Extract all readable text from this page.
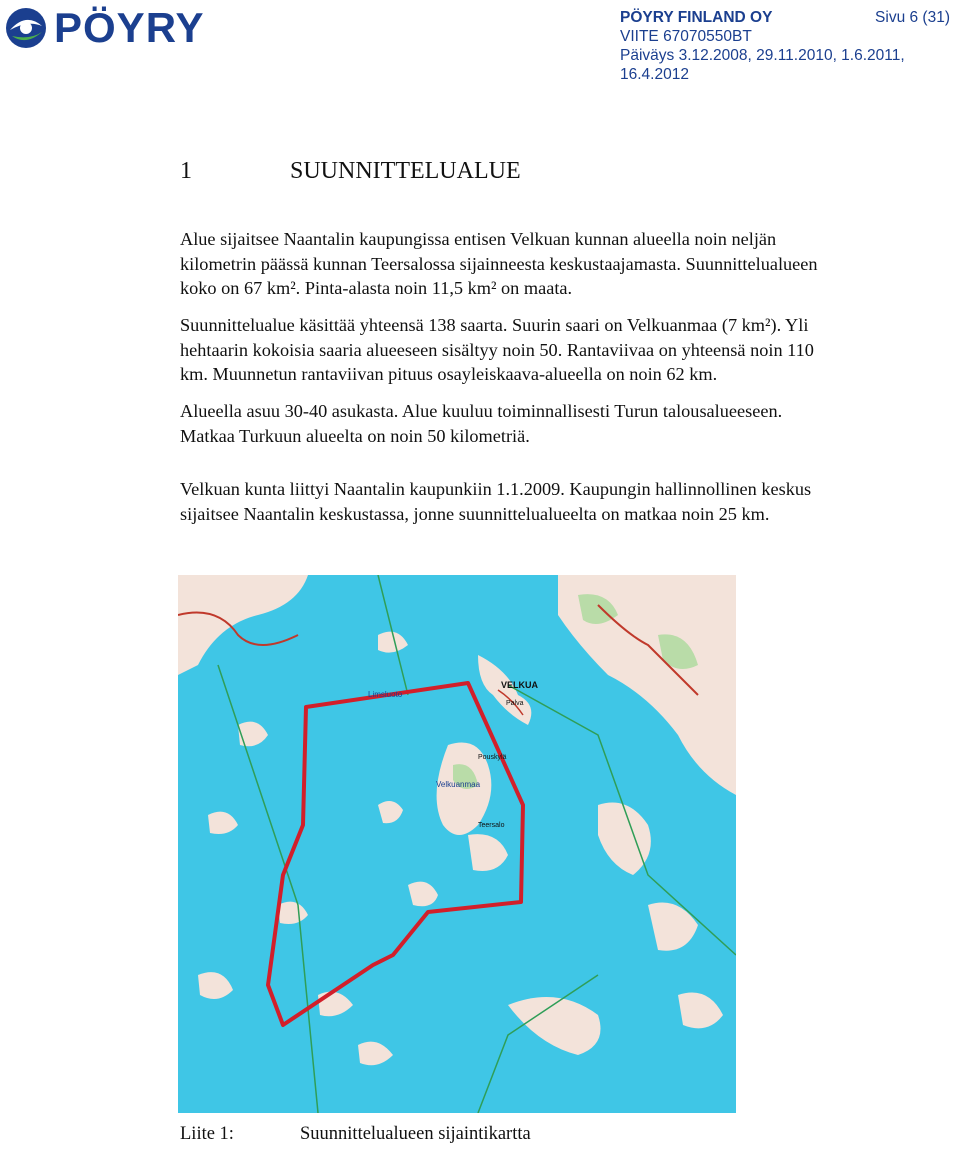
PÖYRY	PÖYRY FINLAND OY	Sivu 6 (31)
VIITE 67070550BT
Päiväys 3.12.2008, 29.11.2010, 1.6.2011,
16.4.2012
1	SUUNNITTELUALUE

Alue sijaitsee Naantalin kaupungissa entisen Velkuan kunnan alueella noin neljän

kilometrin päässä kunnan Teersalossa sijainneesta keskustaajamasta. Suunnittelualueen

koko on 67 km². Pinta-alasta noin 11,5 km² on maata.

Suunnittelualue käsittää yhteensä 138 saarta. Suurin saari on Velkuanmaa (7 km²). Yli

hehtaarin kokoisia saaria alueeseen sisältyy noin 50. Rantaviivaa on yhteensä noin 110

km. Muunnetun rantaviivan pituus osayleiskaava-alueella on noin 62 km.

Alueella asuu 30-40 asukasta. Alue kuuluu toiminnallisesti Turun talousalueeseen.

Matkaa Turkuun alueelta on noin 50 kilometriä.

Velkuan kunta liittyi Naantalin kaupunkiin 1.1.2009. Kaupungin hallinnollinen keskus

sijaitsee Naantalin keskustassa, jonne suunnittelualueelta on matkaa noin 25 km.

VELKUA
Palva
Velkuanmaa
Limsluoto
Pouskylä
Teersalo
Liite 1:	Suunnittelualueen sijaintikartta
